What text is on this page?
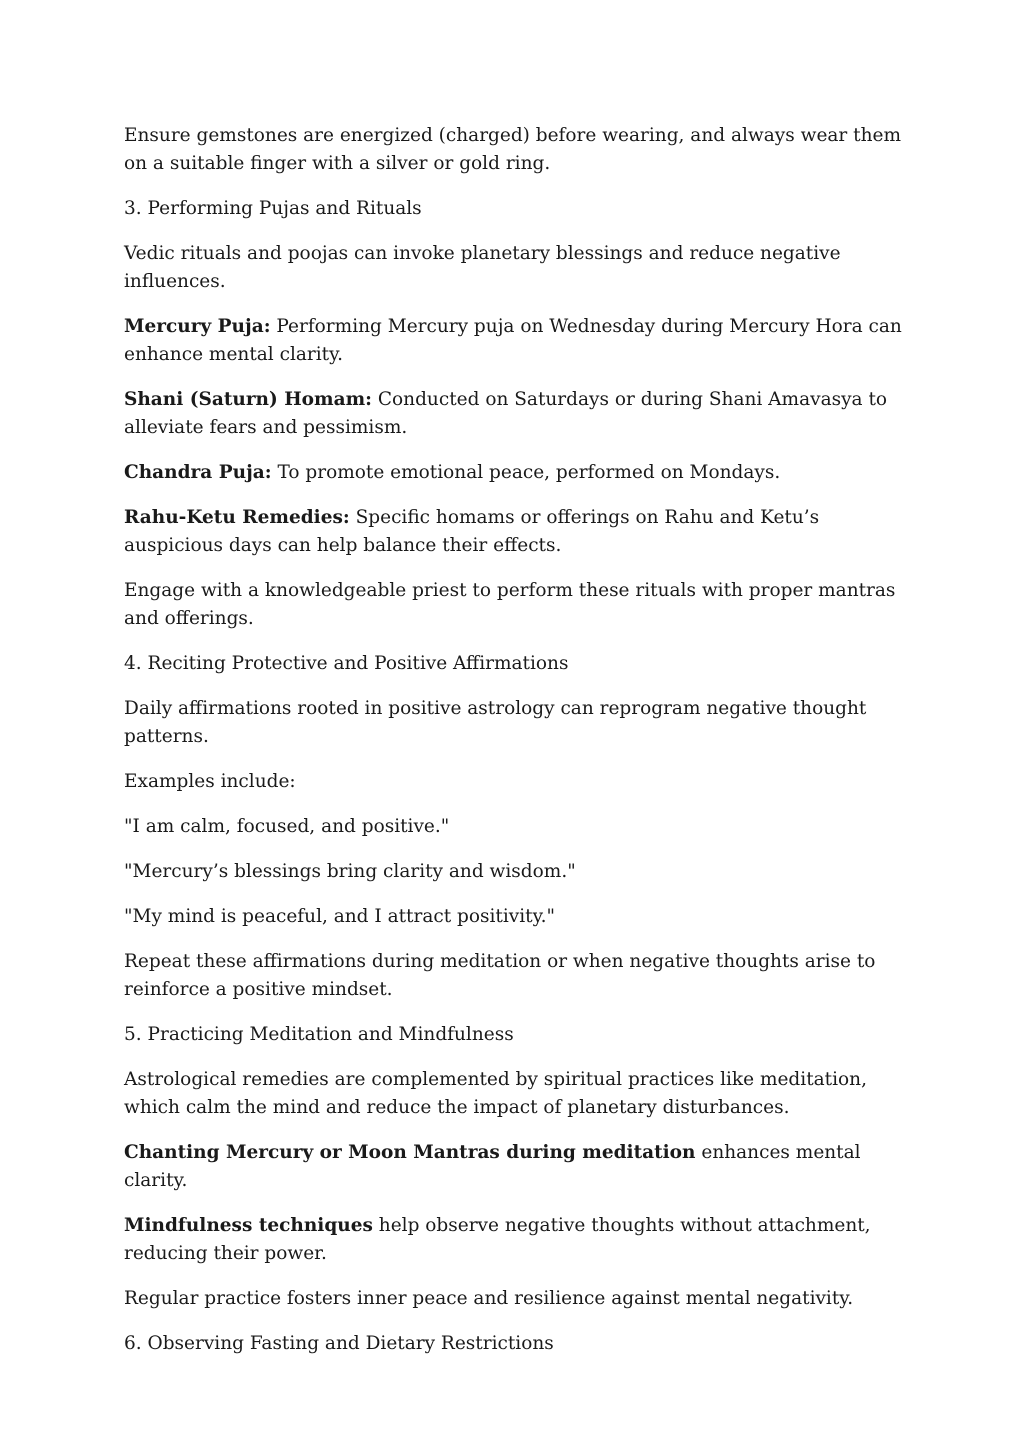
Ensure gemstones are energized (charged) before wearing, and always wear them on a suitable finger with a silver or gold ring.

3. Performing Pujas and Rituals

Vedic rituals and poojas can invoke planetary blessings and reduce negative influences.

Mercury Puja: Performing Mercury puja on Wednesday during Mercury Hora can enhance mental clarity.

Shani (Saturn) Homam: Conducted on Saturdays or during Shani Amavasya to alleviate fears and pessimism.

Chandra Puja: To promote emotional peace, performed on Mondays.

Rahu-Ketu Remedies: Specific homams or offerings on Rahu and Ketu’s auspicious days can help balance their effects.

Engage with a knowledgeable priest to perform these rituals with proper mantras and offerings.

4. Reciting Protective and Positive Affirmations

Daily affirmations rooted in positive astrology can reprogram negative thought patterns.

Examples include:

"I am calm, focused, and positive."

"Mercury’s blessings bring clarity and wisdom."

"My mind is peaceful, and I attract positivity."

Repeat these affirmations during meditation or when negative thoughts arise to reinforce a positive mindset.

5. Practicing Meditation and Mindfulness

Astrological remedies are complemented by spiritual practices like meditation, which calm the mind and reduce the impact of planetary disturbances.

Chanting Mercury or Moon Mantras during meditation enhances mental clarity.

Mindfulness techniques help observe negative thoughts without attachment, reducing their power.

Regular practice fosters inner peace and resilience against mental negativity.

6. Observing Fasting and Dietary Restrictions
